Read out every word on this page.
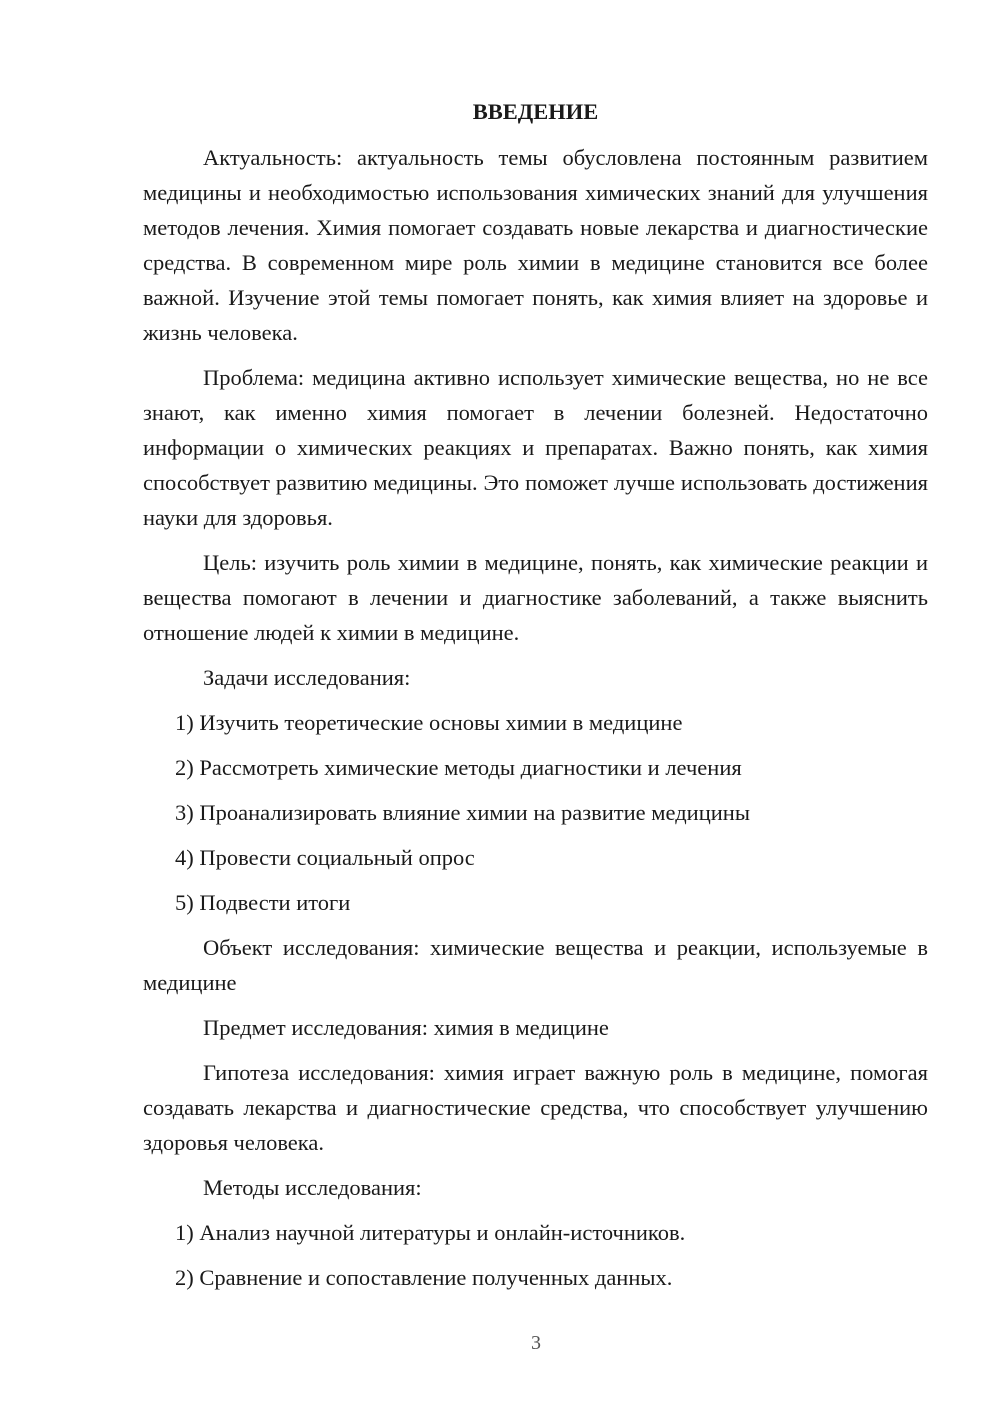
ВВЕДЕНИЕ

Актуальность: актуальность темы обусловлена постоянным развитием медицины и необходимостью использования химических знаний для улучшения методов лечения. Химия помогает создавать новые лекарства и диагностические средства. В современном мире роль химии в медицине становится все более важной. Изучение этой темы помогает понять, как химия влияет на здоровье и жизнь человека.

Проблема: медицина активно использует химические вещества, но не все знают, как именно химия помогает в лечении болезней. Недостаточно информации о химических реакциях и препаратах. Важно понять, как химия способствует развитию медицины. Это поможет лучше использовать достижения науки для здоровья.

Цель: изучить роль химии в медицине, понять, как химические реакции и вещества помогают в лечении и диагностике заболеваний, а также выяснить отношение людей к химии в медицине.

Задачи исследования:

1) Изучить теоретические основы химии в медицине
2) Рассмотреть химические методы диагностики и лечения
3) Проанализировать влияние химии на развитие медицины
4) Провести социальный опрос
5) Подвести итоги

Объект исследования: химические вещества и реакции, используемые в медицине

Предмет исследования: химия в медицине

Гипотеза исследования: химия играет важную роль в медицине, помогая создавать лекарства и диагностические средства, что способствует улучшению здоровья человека.

Методы исследования:

1) Анализ научной литературы и онлайн-источников.
2) Сравнение и сопоставление полученных данных.
3
